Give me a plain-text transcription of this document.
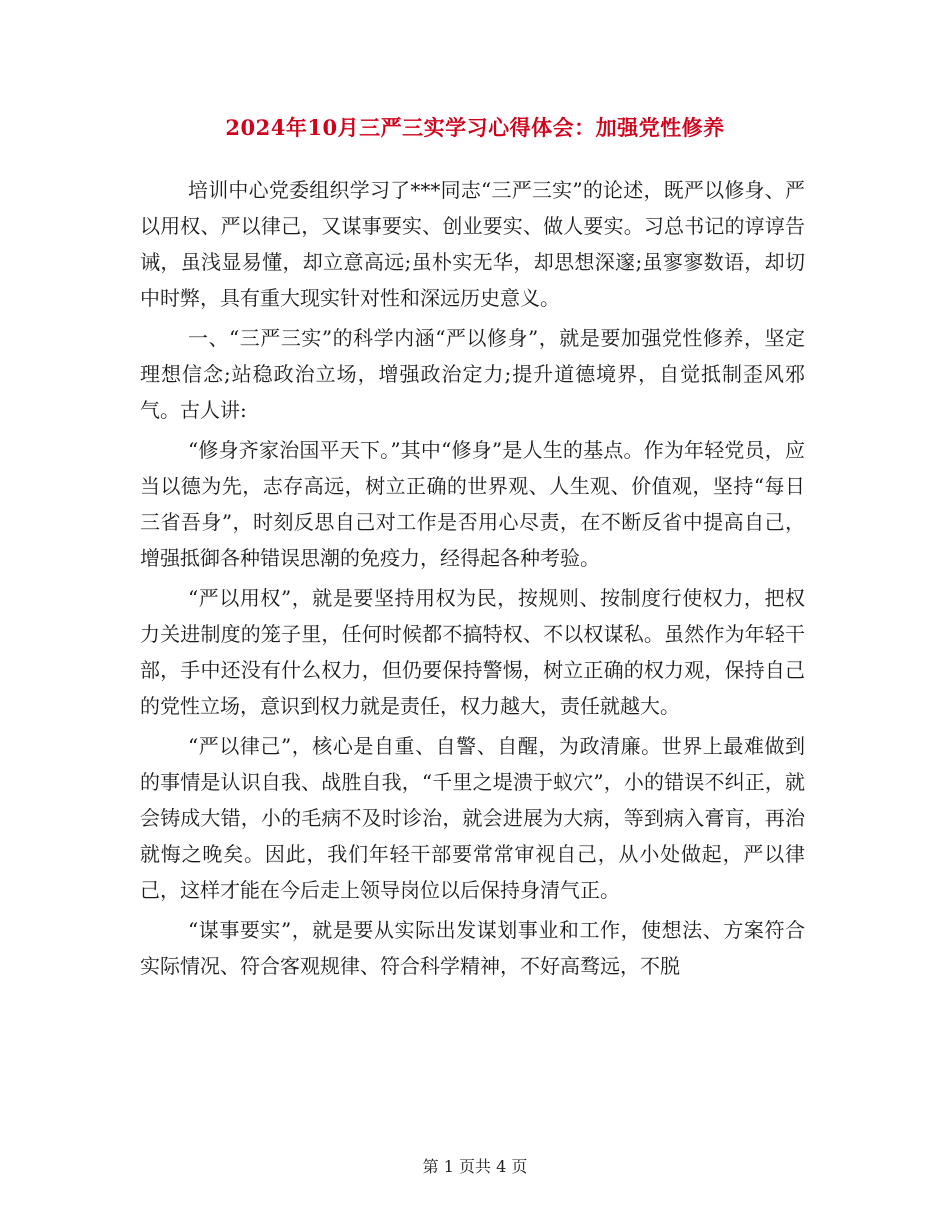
2024年10月三严三实学习心得体会：加强党性修养

培训中心党委组织学习了***同志“三严三实”的论述，既严以修身、严以用权、严以律己，又谋事要实、创业要实、做人要实。习总书记的谆谆告诫，虽浅显易懂，却立意高远;虽朴实无华，却思想深邃;虽寥寥数语，却切中时弊，具有重大现实针对性和深远历史意义。

一、“三严三实”的科学内涵“严以修身”，就是要加强党性修养，坚定理想信念;站稳政治立场，增强政治定力;提升道德境界，自觉抵制歪风邪气。古人讲:

“修身齐家治国平天下。”其中“修身”是人生的基点。作为年轻党员，应当以德为先，志存高远，树立正确的世界观、人生观、价值观，坚持“每日三省吾身”，时刻反思自己对工作是否用心尽责，在不断反省中提高自己，增强抵御各种错误思潮的免疫力，经得起各种考验。

“严以用权”，就是要坚持用权为民，按规则、按制度行使权力，把权力关进制度的笼子里，任何时候都不搞特权、不以权谋私。虽然作为年轻干部，手中还没有什么权力，但仍要保持警惕，树立正确的权力观，保持自己的党性立场，意识到权力就是责任，权力越大，责任就越大。

“严以律己”，核心是自重、自警、自醒，为政清廉。世界上最难做到的事情是认识自我、战胜自我，“千里之堤溃于蚁穴”，小的错误不纠正，就会铸成大错，小的毛病不及时诊治，就会进展为大病，等到病入膏肓，再治就悔之晚矣。因此，我们年轻干部要常常审视自己，从小处做起，严以律己，这样才能在今后走上领导岗位以后保持身清气正。

“谋事要实”，就是要从实际出发谋划事业和工作，使想法、方案符合实际情况、符合客观规律、符合科学精神，不好高骛远，不脱

第 1 页共 4 页
